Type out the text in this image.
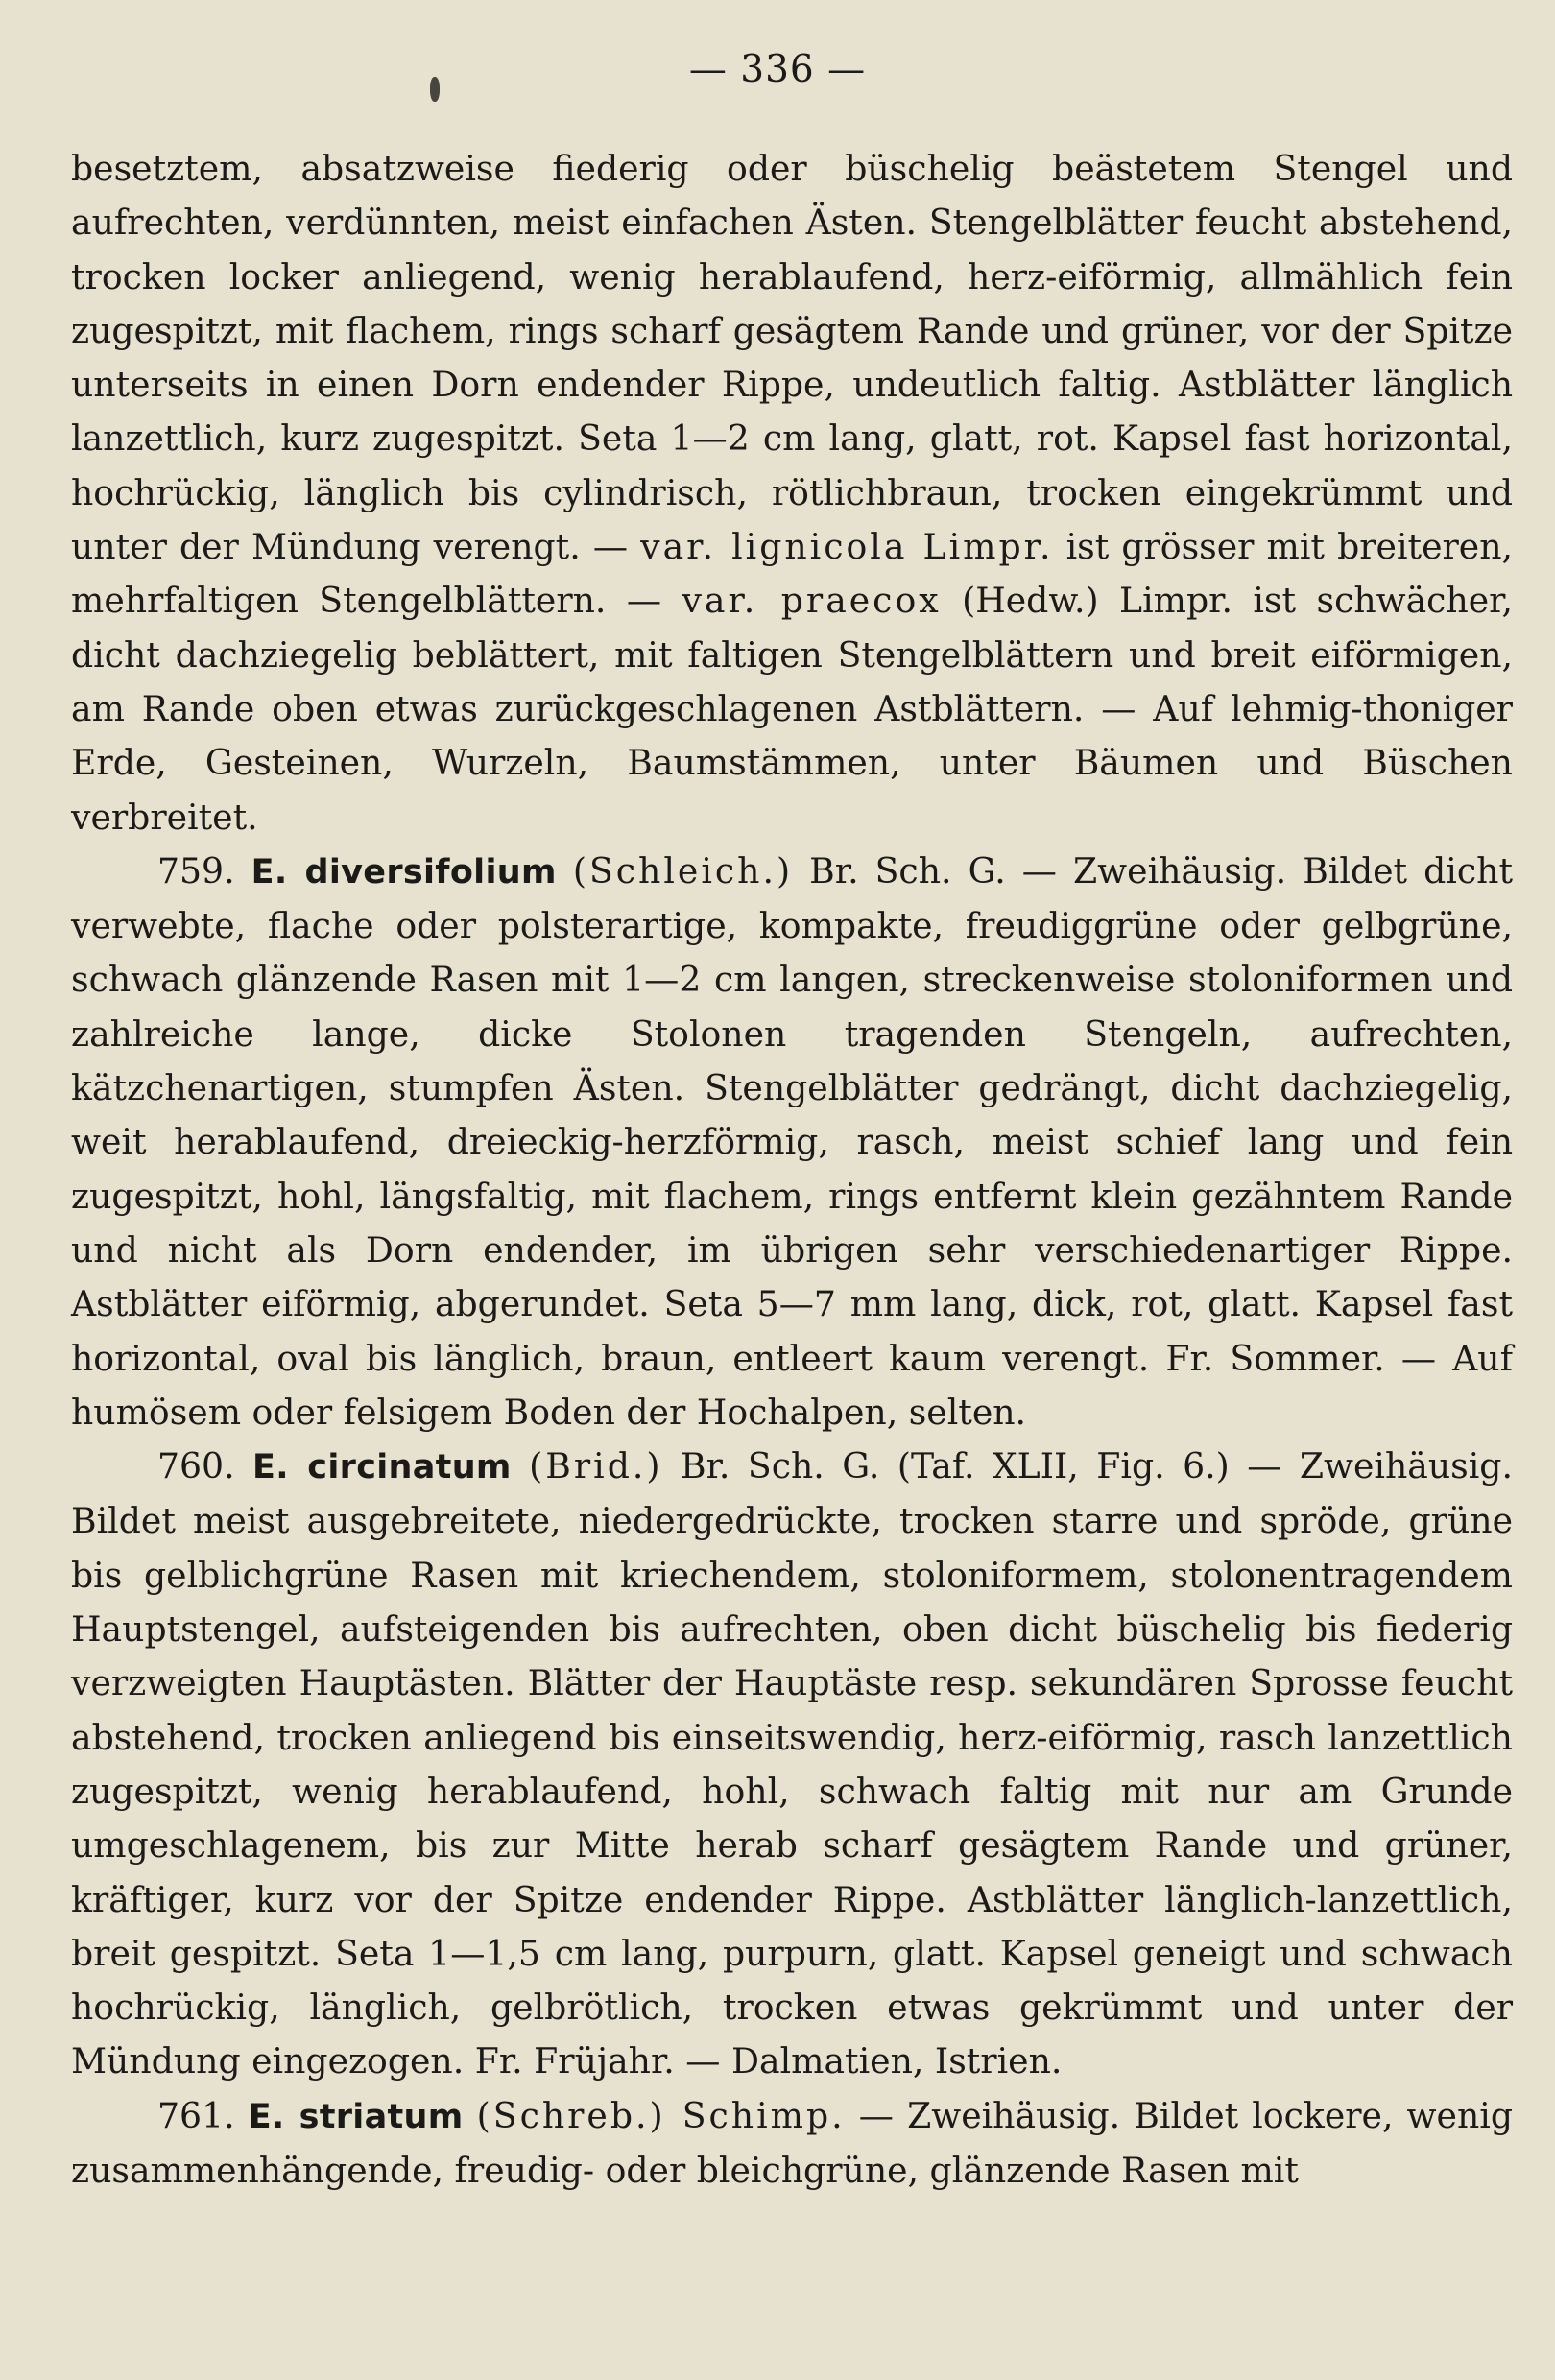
— 336 —

besetztem, absatzweise fiederig oder büschelig beästetem Stengel und aufrechten, verdünnten, meist einfachen Ästen. Stengelblätter feucht abstehend, trocken locker anliegend, wenig herablaufend, herz-eiförmig, allmählich fein zugespitzt, mit flachem, rings scharf gesägtem Rande und grüner, vor der Spitze unterseits in einen Dorn endender Rippe, undeutlich faltig. Astblätter länglich lanzettlich, kurz zugespitzt. Seta 1—2 cm lang, glatt, rot. Kapsel fast horizontal, hochrückig, länglich bis cylindrisch, rötlichbraun, trocken eingekrümmt und unter der Mündung verengt. — var. lignicola Limpr. ist grösser mit breiteren, mehrfaltigen Stengelblättern. — var. praecox (Hedw.) Limpr. ist schwächer, dicht dachziegelig beblättert, mit faltigen Stengelblättern und breit eiförmigen, am Rande oben etwas zurückgeschlagenen Astblättern. — Auf lehmig-thoniger Erde, Gesteinen, Wurzeln, Baumstämmen, unter Bäumen und Büschen verbreitet.

759. E. diversifolium (Schleich.) Br. Sch. G. — Zweihäusig. Bildet dicht verwebte, flache oder polsterartige, kompakte, freudiggrüne oder gelbgrüne, schwach glänzende Rasen mit 1—2 cm langen, streckenweise stoloniformen und zahlreiche lange, dicke Stolonen tragenden Stengeln, aufrechten, kätzchenartigen, stumpfen Ästen. Stengelblätter gedrängt, dicht dachziegelig, weit herablaufend, dreieckig-herzförmig, rasch, meist schief lang und fein zugespitzt, hohl, längsfaltig, mit flachem, rings entfernt klein gezähntem Rande und nicht als Dorn endender, im übrigen sehr verschiedenartiger Rippe. Astblätter eiförmig, abgerundet. Seta 5—7 mm lang, dick, rot, glatt. Kapsel fast horizontal, oval bis länglich, braun, entleert kaum verengt. Fr. Sommer. — Auf humösem oder felsigem Boden der Hochalpen, selten.

760. E. circinatum (Brid.) Br. Sch. G. (Taf. XLII, Fig. 6.) — Zweihäusig. Bildet meist ausgebreitete, niedergedrückte, trocken starre und spröde, grüne bis gelblichgrüne Rasen mit kriechendem, stoloniformem, stolonentragendem Hauptstengel, aufsteigenden bis aufrechten, oben dicht büschelig bis fiederig verzweigten Hauptästen. Blätter der Hauptäste resp. sekundären Sprosse feucht abstehend, trocken anliegend bis einseitswendig, herz-eiförmig, rasch lanzettlich zugespitzt, wenig herablaufend, hohl, schwach faltig mit nur am Grunde umgeschlagenem, bis zur Mitte herab scharf gesägtem Rande und grüner, kräftiger, kurz vor der Spitze endender Rippe. Astblätter länglich-lanzettlich, breit gespitzt. Seta 1—1,5 cm lang, purpurn, glatt. Kapsel geneigt und schwach hochrückig, länglich, gelbrötlich, trocken etwas gekrümmt und unter der Mündung eingezogen. Fr. Früjahr. — Dalmatien, Istrien.

761. E. striatum (Schreb.) Schimp. — Zweihäusig. Bildet lockere, wenig zusammenhängende, freudig- oder bleichgrüne, glänzende Rasen mit
